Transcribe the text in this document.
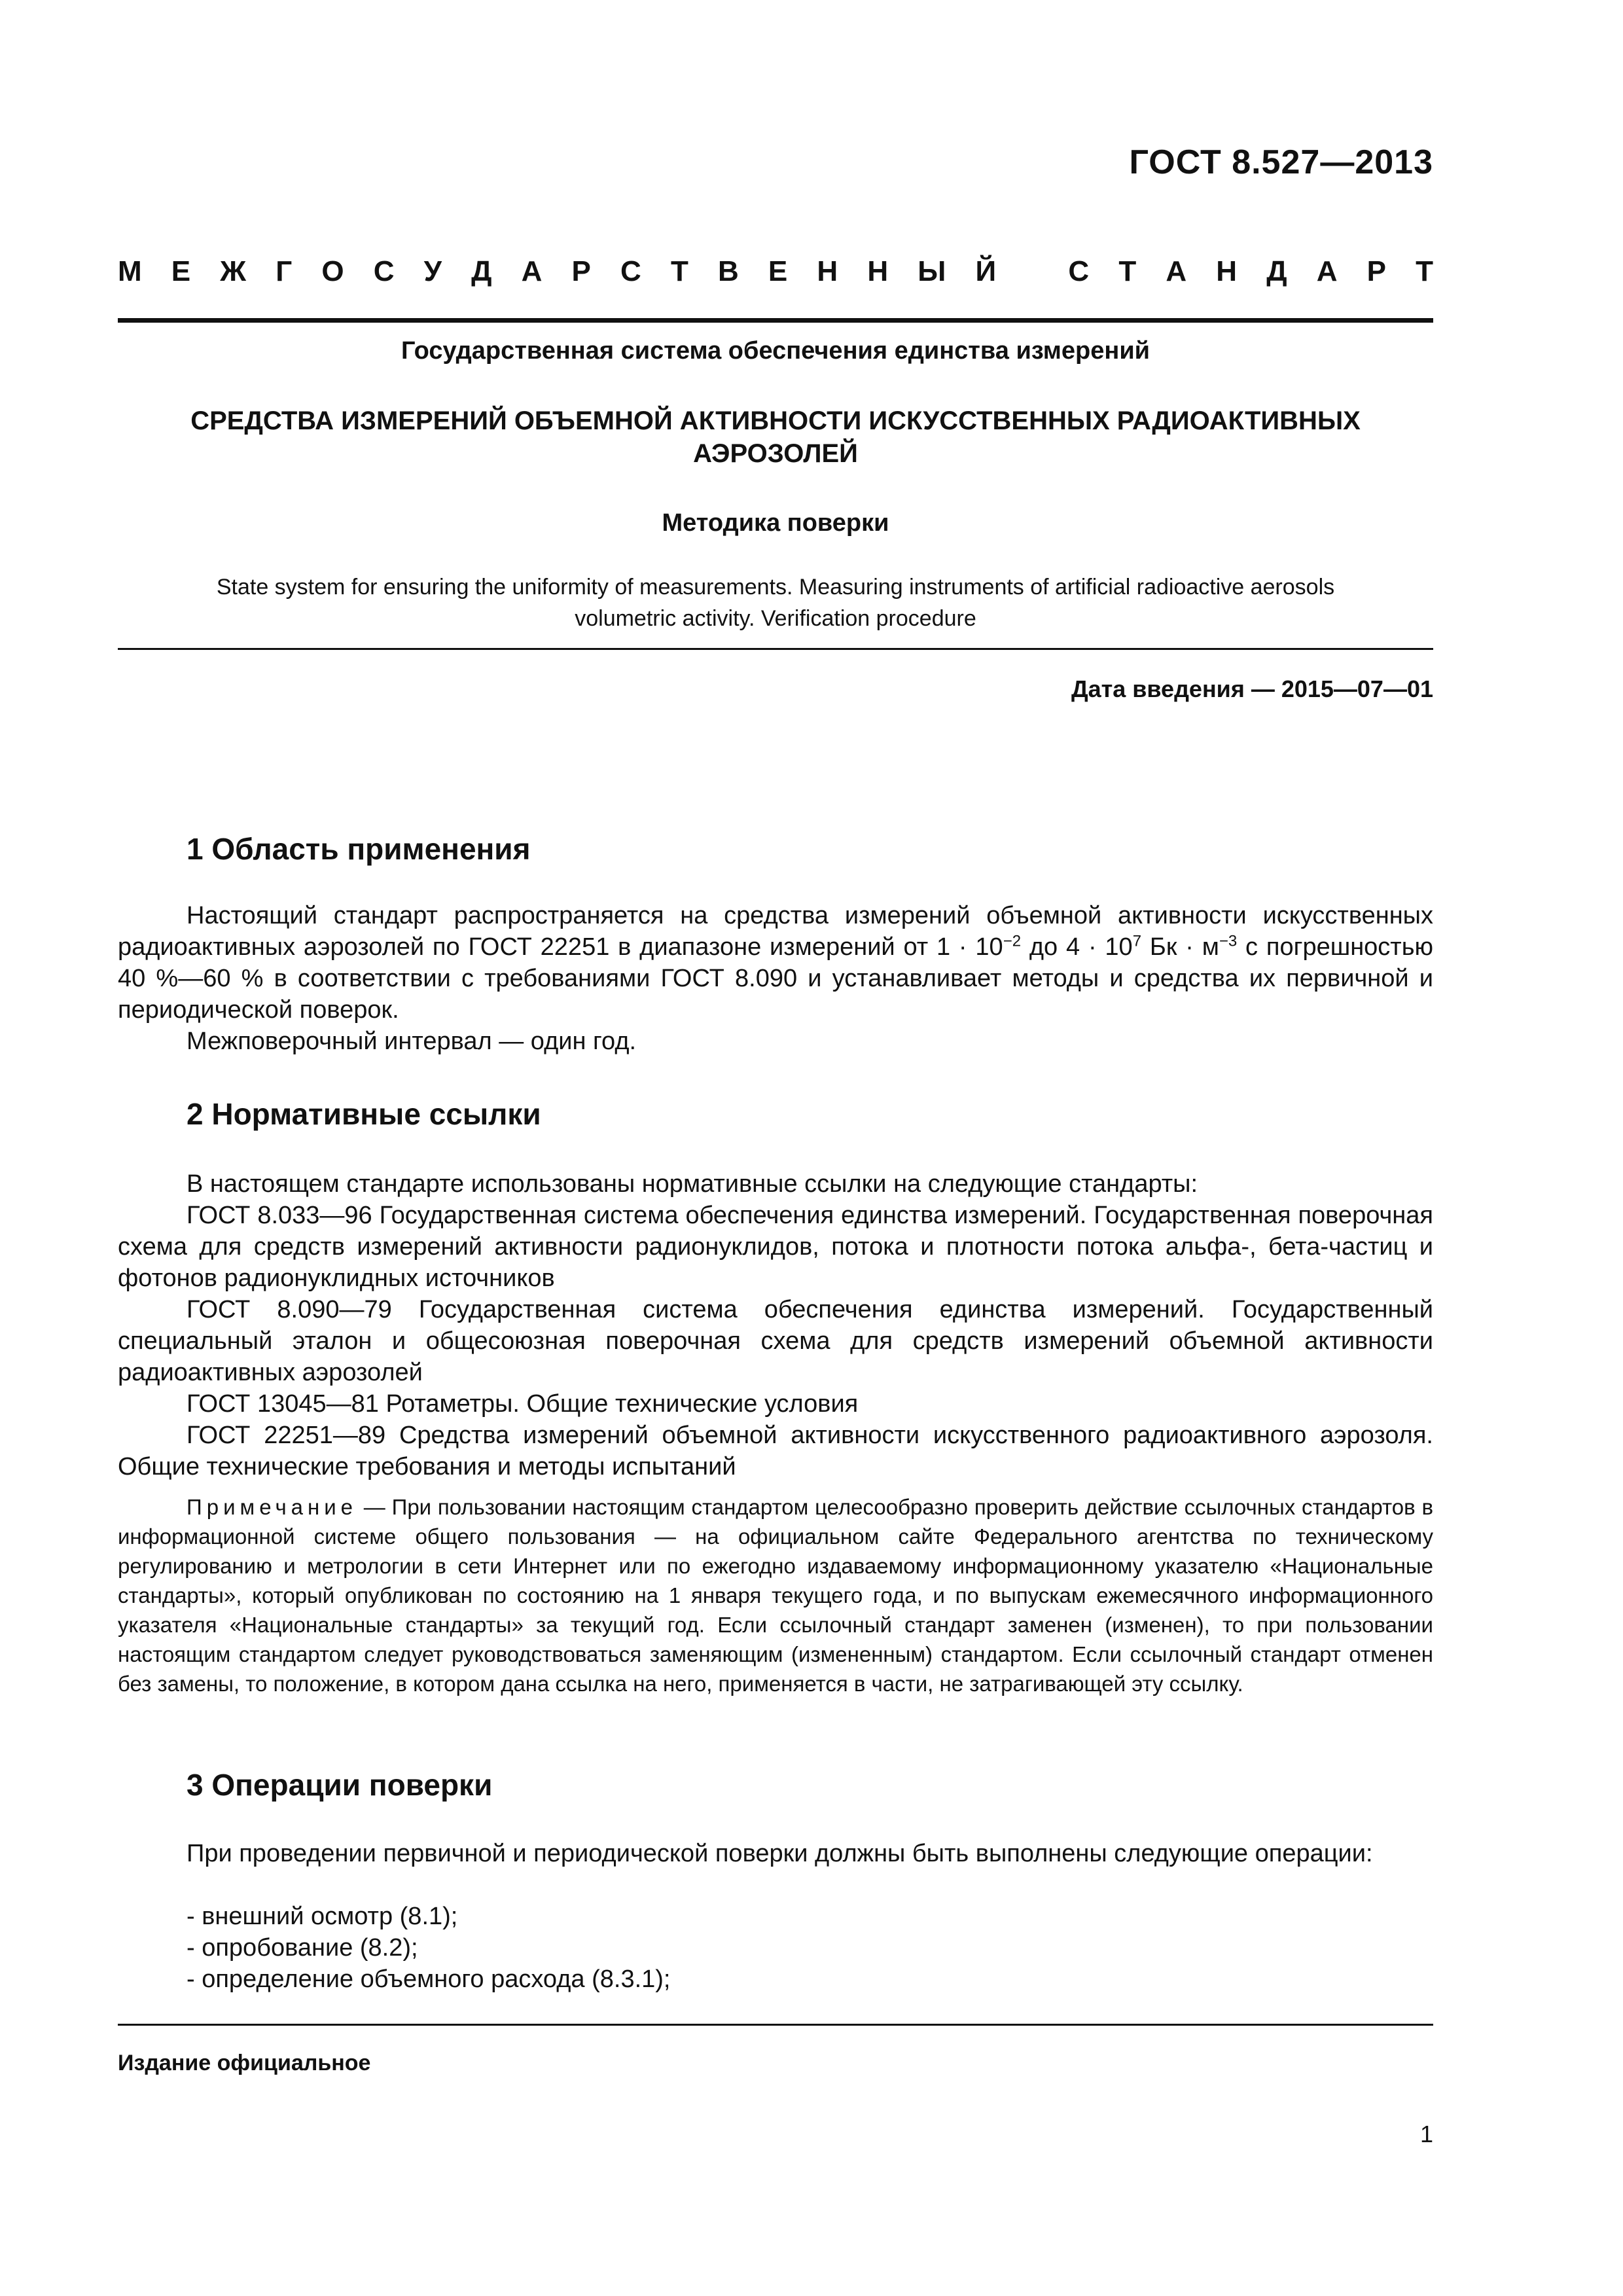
ГОСТ 8.527—2013
М Е Ж Г О С У Д А Р С Т В Е Н Н Ы Й	С Т А Н Д А Р Т
Государственная система обеспечения единства измерений
СРЕДСТВА ИЗМЕРЕНИЙ ОБЪЕМНОЙ АКТИВНОСТИ ИСКУССТВЕННЫХ РАДИОАКТИВНЫХ
АЭРОЗОЛЕЙ
Методика поверки
State system for ensuring the uniformity of measurements. Measuring instruments of artificial radioactive aerosols
volumetric activity. Verification procedure
Дата введения — 2015—07—01
1 Область применения
Настоящий стандарт распространяется на средства измерений объемной активности искусственных радиоактивных аэрозолей по ГОСТ 22251 в диапазоне измерений от $1 \cdot 10^{-2}$ до $4 \cdot 10^7$ Бк · $м^{-3}$ с погрешностью 40 %—60 % в соответствии с требованиями ГОСТ 8.090 и устанавливает методы и средства их первичной и периодической поверок.
Межповерочный интервал — один год.
2 Нормативные ссылки
В настоящем стандарте использованы нормативные ссылки на следующие стандарты:
ГОСТ 8.033—96 Государственная система обеспечения единства измерений. Государственная поверочная схема для средств измерений активности радионуклидов, потока и плотности потока альфа-, бета-частиц и фотонов радионуклидных источников
ГОСТ 8.090—79 Государственная система обеспечения единства измерений. Государственный специальный эталон и общесоюзная поверочная схема для средств измерений объемной активности радиоактивных аэрозолей
ГОСТ 13045—81 Ротаметры. Общие технические условия
ГОСТ 22251—89 Средства измерений объемной активности искусственного радиоактивного аэрозоля. Общие технические требования и методы испытаний
Примечание — При пользовании настоящим стандартом целесообразно проверить действие ссылочных стандартов в информационной системе общего пользования — на официальном сайте Федерального агентства по техническому регулированию и метрологии в сети Интернет или по ежегодно издаваемому информационному указателю «Национальные стандарты», который опубликован по состоянию на 1 января текущего года, и по выпускам ежемесячного информационного указателя «Национальные стандарты» за текущий год. Если ссылочный стандарт заменен (изменен), то при пользовании настоящим стандартом следует руководствоваться заменяющим (измененным) стандартом. Если ссылочный стандарт отменен без замены, то положение, в котором дана ссылка на него, применяется в части, не затрагивающей эту ссылку.
3 Операции поверки
При проведении первичной и периодической поверки должны быть выполнены следующие операции:
- внешний осмотр (8.1);
- опробование (8.2);
- определение объемного расхода (8.3.1);
Издание официальное
1
